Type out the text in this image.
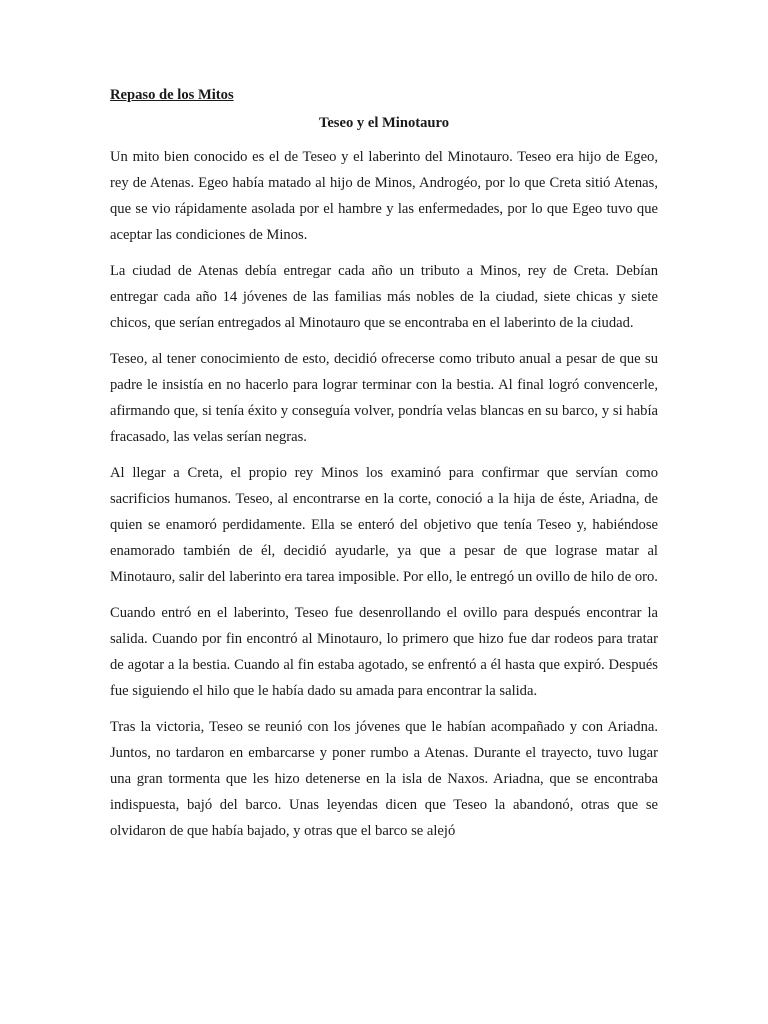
Repaso de los Mitos

Teseo y el Minotauro

Un mito bien conocido es el de Teseo y el laberinto del Minotauro. Teseo era hijo de Egeo, rey de Atenas. Egeo había matado al hijo de Minos, Androgéo, por lo que Creta sitió Atenas, que se vio rápidamente asolada por el hambre y las enfermedades, por lo que Egeo tuvo que aceptar las condiciones de Minos.

La ciudad de Atenas debía entregar cada año un tributo a Minos, rey de Creta. Debían entregar cada año 14 jóvenes de las familias más nobles de la ciudad, siete chicas y siete chicos, que serían entregados al Minotauro que se encontraba en el laberinto de la ciudad.

Teseo, al tener conocimiento de esto, decidió ofrecerse como tributo anual a pesar de que su padre le insistía en no hacerlo para lograr terminar con la bestia. Al final logró convencerle, afirmando que, si tenía éxito y conseguía volver, pondría velas blancas en su barco, y si había fracasado, las velas serían negras.

Al llegar a Creta, el propio rey Minos los examinó para confirmar que servían como sacrificios humanos. Teseo, al encontrarse en la corte, conoció a la hija de éste, Ariadna, de quien se enamoró perdidamente. Ella se enteró del objetivo que tenía Teseo y, habiéndose enamorado también de él, decidió ayudarle, ya que a pesar de que lograse matar al Minotauro, salir del laberinto era tarea imposible. Por ello, le entregó un ovillo de hilo de oro.

Cuando entró en el laberinto, Teseo fue desenrollando el ovillo para después encontrar la salida. Cuando por fin encontró al Minotauro, lo primero que hizo fue dar rodeos para tratar de agotar a la bestia. Cuando al fin estaba agotado, se enfrentó a él hasta que expiró. Después fue siguiendo el hilo que le había dado su amada para encontrar la salida.

Tras la victoria, Teseo se reunió con los jóvenes que le habían acompañado y con Ariadna. Juntos, no tardaron en embarcarse y poner rumbo a Atenas. Durante el trayecto, tuvo lugar una gran tormenta que les hizo detenerse en la isla de Naxos. Ariadna, que se encontraba indispuesta, bajó del barco. Unas leyendas dicen que Teseo la abandonó, otras que se olvidaron de que había bajado, y otras que el barco se alejó
